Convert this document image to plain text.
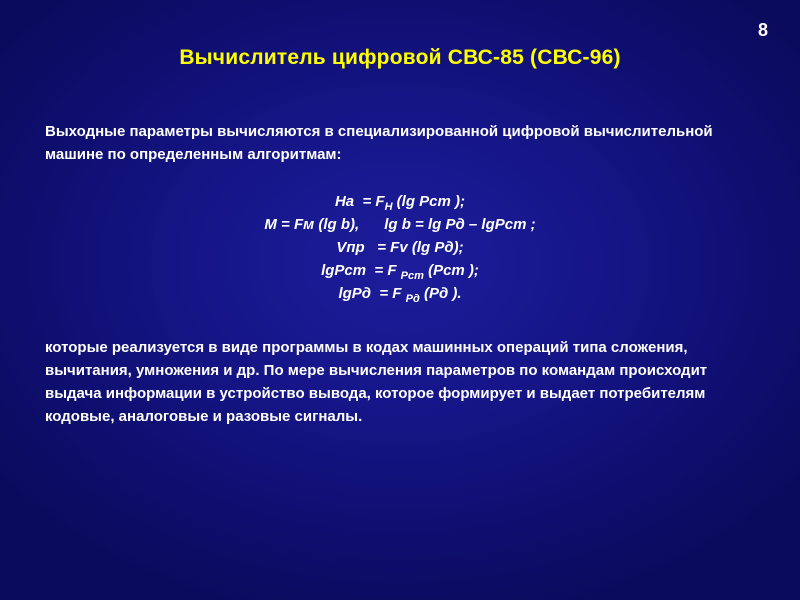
8
Вычислитель цифровой СВС-85 (СВС-96)
Выходные параметры вычисляются в специализированной цифровой вычислительной машине по определенным алгоритмам:
Нa  = $F_Н$ (lg Pcm );
M = Fм (lg b),      lg b = lg Pд – lgPcm ;
Vпр   = Fv (lg Pд);
lgPcm  = F $_{Pcm}$ (Pcm );
lgPд  = F $_{Pд}$ (Pд ).
которые реализуется в виде программы в кодах машинных операций типа сложения, вычитания, умножения и др. По мере вычисления параметров по командам происходит выдача информации в устройство вывода, которое формирует и выдает потребителям кодовые, аналоговые и разовые сигналы.
